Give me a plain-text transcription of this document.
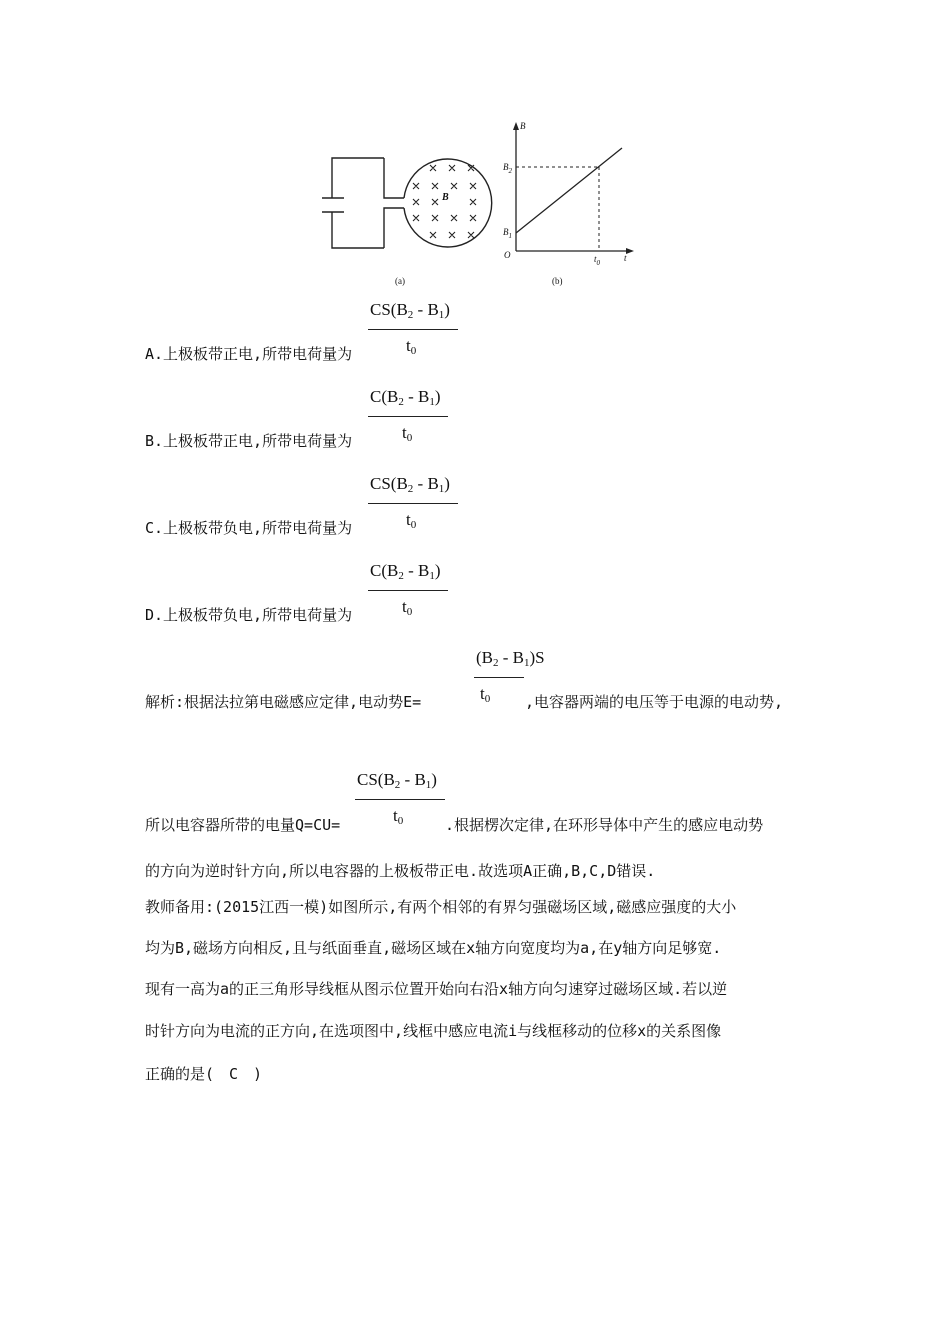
B
(a)
B
t
O
$B_2$
$B_1$
$t_0$
(b)
$CS(B_2 - B_1)$
$t_0$
A.上极板带正电,所带电荷量为
$C(B_2 - B_1)$
$t_0$
B.上极板带正电,所带电荷量为
$CS(B_2 - B_1)$
$t_0$
C.上极板带负电,所带电荷量为
$C(B_2 - B_1)$
$t_0$
D.上极板带负电,所带电荷量为
$(B_2 - B_1)S$
$t_0$
解析:根据法拉第电磁感应定律,电动势E=	,电容器两端的电压等于电源的电动势,
$CS(B_2 - B_1)$
$t_0$
所以电容器所带的电量Q=CU=	.根据楞次定律,在环形导体中产生的感应电动势
的方向为逆时针方向,所以电容器的上极板带正电.故选项A正确,B,C,D错误.
教师备用:(2015江西一模)如图所示,有两个相邻的有界匀强磁场区域,磁感应强度的大小
均为B,磁场方向相反,且与纸面垂直,磁场区域在x轴方向宽度均为a,在y轴方向足够宽.
现有一高为a的正三角形导线框从图示位置开始向右沿x轴方向匀速穿过磁场区域.若以逆
时针方向为电流的正方向,在选项图中,线框中感应电流i与线框移动的位移x的关系图像
正确的是(　C　)
